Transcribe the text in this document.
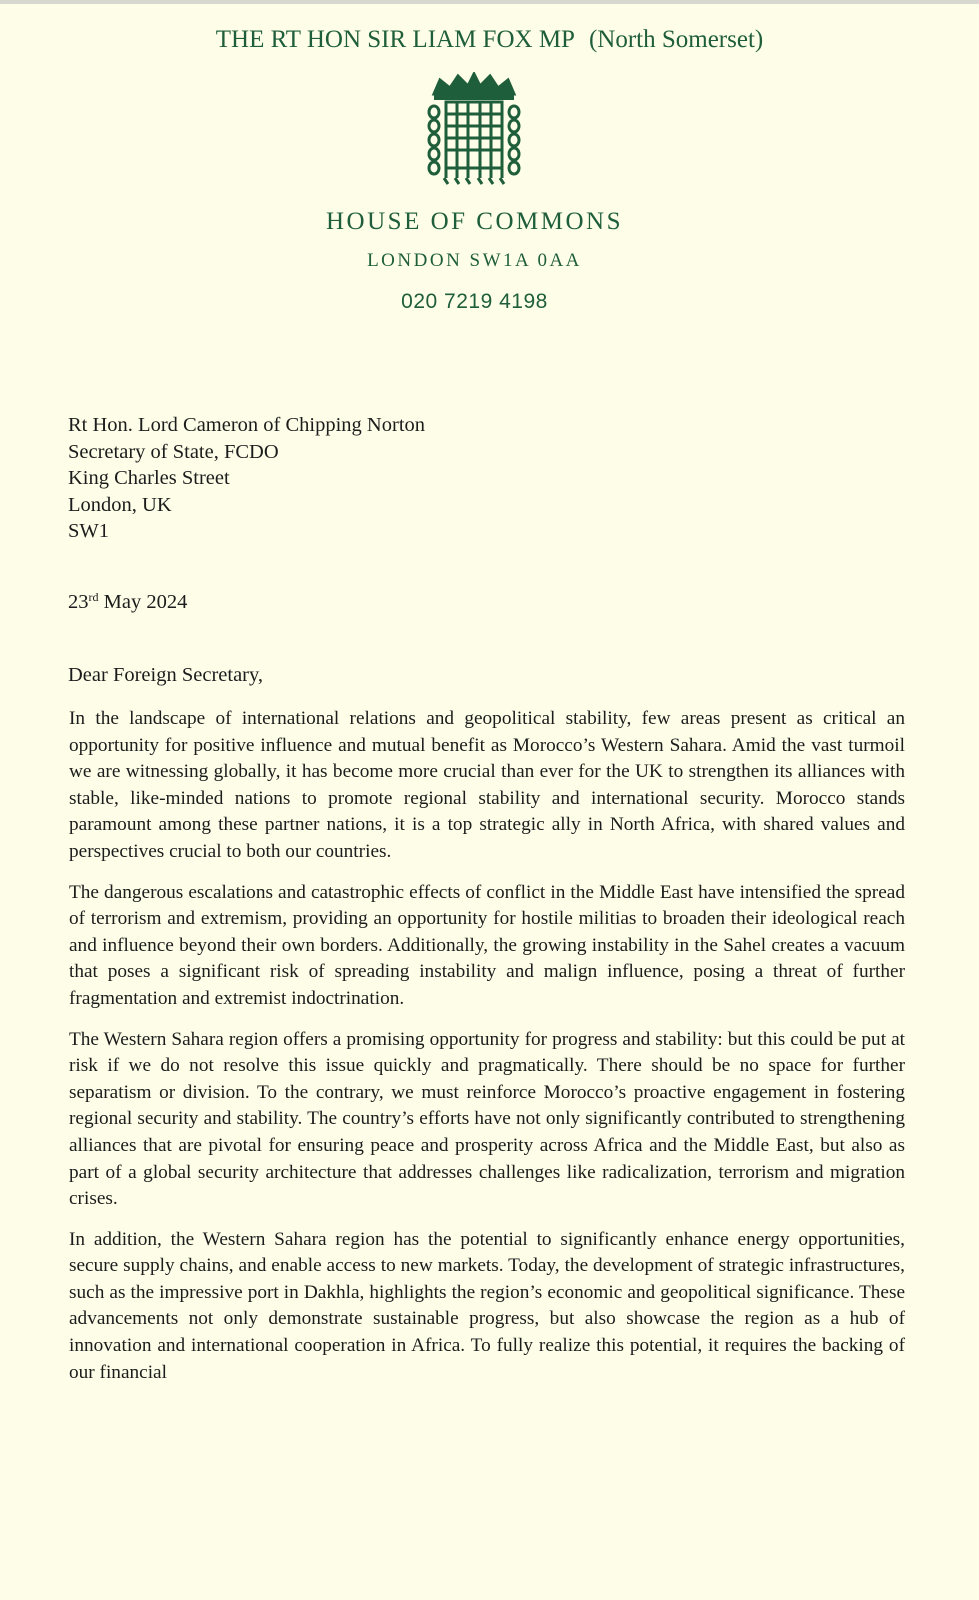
THE RT HON SIR LIAM FOX MP (North Somerset)
HOUSE OF COMMONS
LONDON SW1A 0AA
020 7219 4198
Rt Hon. Lord Cameron of Chipping Norton
Secretary of State, FCDO
King Charles Street
London, UK
SW1
23rd May 2024
Dear Foreign Secretary,

In the landscape of international relations and geopolitical stability, few areas present as critical an opportunity for positive influence and mutual benefit as Morocco’s Western Sahara. Amid the vast turmoil we are witnessing globally, it has become more crucial than ever for the UK to strengthen its alliances with stable, like-minded nations to promote regional stability and international security. Morocco stands paramount among these partner nations, it is a top strategic ally in North Africa, with shared values and perspectives crucial to both our countries.

The dangerous escalations and catastrophic effects of conflict in the Middle East have intensified the spread of terrorism and extremism, providing an opportunity for hostile militias to broaden their ideological reach and influence beyond their own borders. Additionally, the growing instability in the Sahel creates a vacuum that poses a significant risk of spreading instability and malign influence, posing a threat of further fragmentation and extremist indoctrination.

The Western Sahara region offers a promising opportunity for progress and stability: but this could be put at risk if we do not resolve this issue quickly and pragmatically. There should be no space for further separatism or division. To the contrary, we must reinforce Morocco’s proactive engagement in fostering regional security and stability. The country’s efforts have not only significantly contributed to strengthening alliances that are pivotal for ensuring peace and prosperity across Africa and the Middle East, but also as part of a global security architecture that addresses challenges like radicalization, terrorism and migration crises.

In addition, the Western Sahara region has the potential to significantly enhance energy opportunities, secure supply chains, and enable access to new markets. Today, the development of strategic infrastructures, such as the impressive port in Dakhla, highlights the region’s economic and geopolitical significance. These advancements not only demonstrate sustainable progress, but also showcase the region as a hub of innovation and international cooperation in Africa. To fully realize this potential, it requires the backing of our financial
